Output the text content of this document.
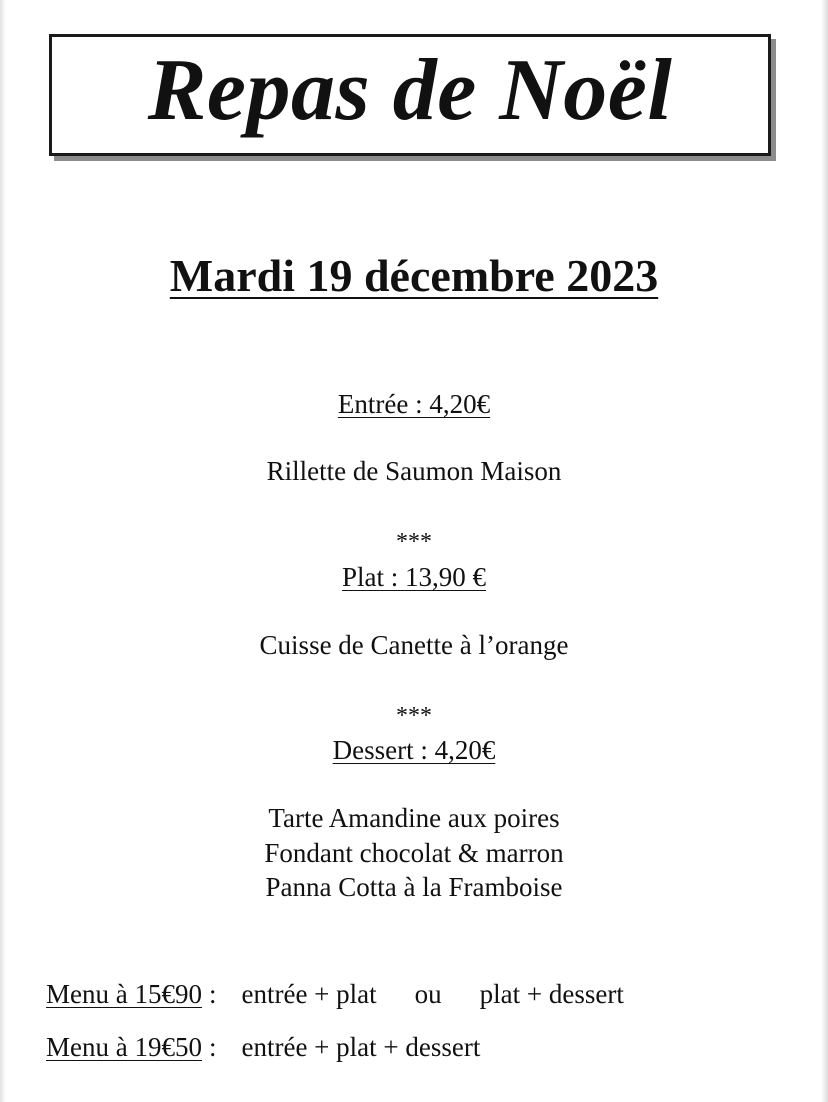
Repas de Noël
Mardi 19 décembre 2023
Entrée : 4,20€
Rillette de Saumon Maison
***
Plat : 13,90 €
Cuisse de Canette à l’orange
***
Dessert : 4,20€
Tarte Amandine aux poires
Fondant chocolat & marron
Panna Cotta à la Framboise
Menu à 15€90 : entrée + plat ou plat + dessert
Menu à 19€50 : entrée + plat + dessert
